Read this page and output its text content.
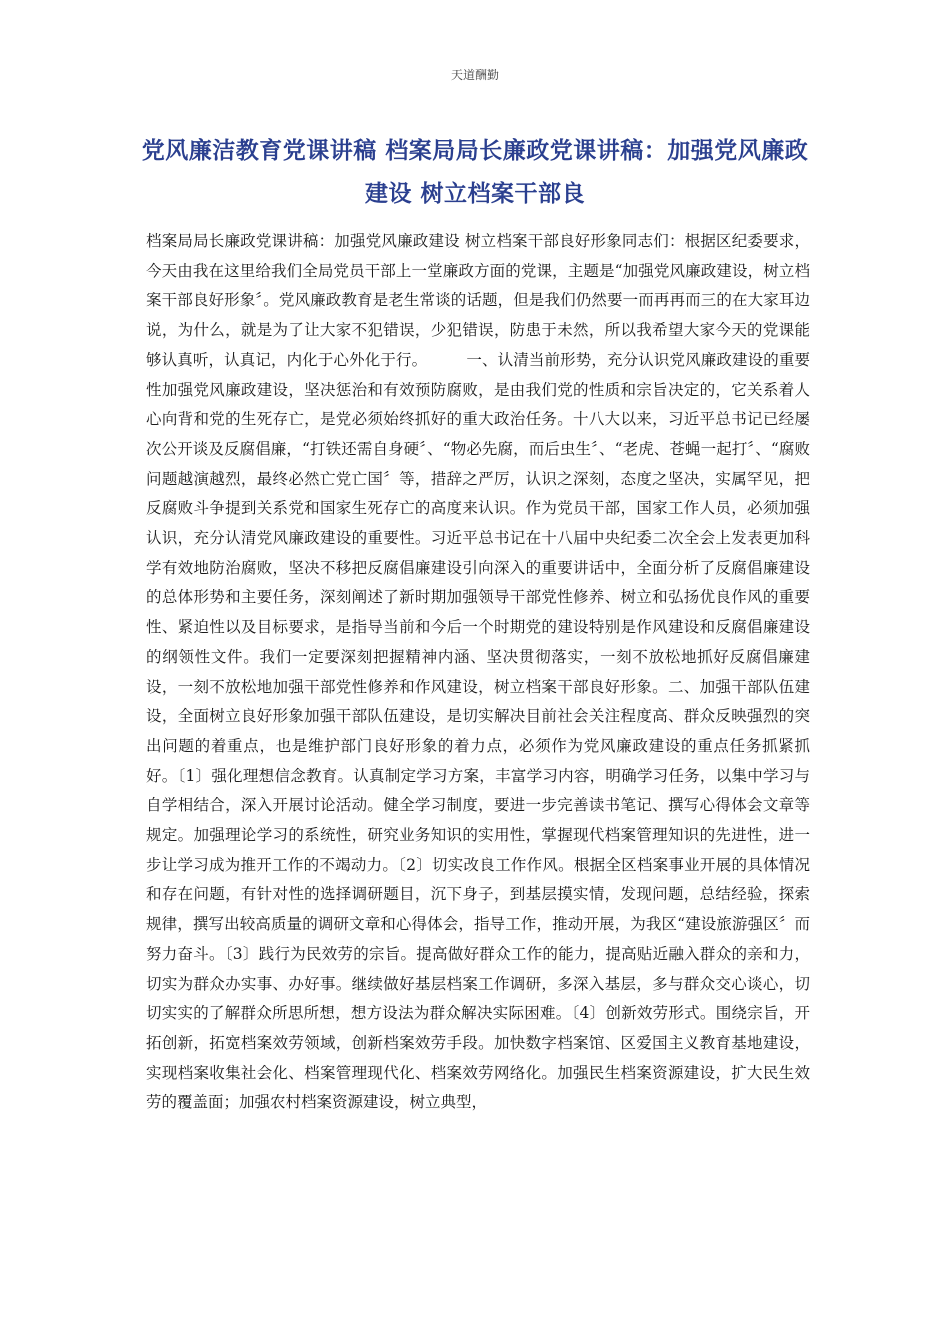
天道酬勤
党风廉洁教育党课讲稿 档案局局长廉政党课讲稿：加强党风廉政建设 树立档案干部良

档案局局长廉政党课讲稿：加强党风廉政建设 树立档案干部良好形象同志们：根据区纪委要求，今天由我在这里给我们全局党员干部上一堂廉政方面的党课，主题是“加强党风廉政建设，树立档案干部良好形象〞。党风廉政教育是老生常谈的话题，但是我们仍然要一而再再而三的在大家耳边说，为什么，就是为了让大家不犯错误，少犯错误，防患于未然，所以我希望大家今天的党课能够认真听，认真记，内化于心外化于行。　　　一、认清当前形势，充分认识党风廉政建设的重要性加强党风廉政建设，坚决惩治和有效预防腐败，是由我们党的性质和宗旨决定的，它关系着人心向背和党的生死存亡，是党必须始终抓好的重大政治任务。十八大以来，习近平总书记已经屡次公开谈及反腐倡廉，“打铁还需自身硬〞、“物必先腐，而后虫生〞、“老虎、苍蝇一起打〞、“腐败问题越演越烈，最终必然亡党亡国〞等，措辞之严厉，认识之深刻，态度之坚决，实属罕见，把反腐败斗争提到关系党和国家生死存亡的高度来认识。作为党员干部，国家工作人员，必须加强认识，充分认清党风廉政建设的重要性。习近平总书记在十八届中央纪委二次全会上发表更加科学有效地防治腐败，坚决不移把反腐倡廉建设引向深入的重要讲话中，全面分析了反腐倡廉建设的总体形势和主要任务，深刻阐述了新时期加强领导干部党性修养、树立和弘扬优良作风的重要性、紧迫性以及目标要求，是指导当前和今后一个时期党的建设特别是作风建设和反腐倡廉建设的纲领性文件。我们一定要深刻把握精神内涵、坚决贯彻落实，一刻不放松地抓好反腐倡廉建设，一刻不放松地加强干部党性修养和作风建设，树立档案干部良好形象。二、加强干部队伍建设，全面树立良好形象加强干部队伍建设，是切实解决目前社会关注程度高、群众反映强烈的突出问题的着重点，也是维护部门良好形象的着力点，必须作为党风廉政建设的重点任务抓紧抓好。〔1〕强化理想信念教育。认真制定学习方案，丰富学习内容，明确学习任务，以集中学习与自学相结合，深入开展讨论活动。健全学习制度，要进一步完善读书笔记、撰写心得体会文章等规定。加强理论学习的系统性，研究业务知识的实用性，掌握现代档案管理知识的先进性，进一步让学习成为推开工作的不竭动力。〔2〕切实改良工作作风。根据全区档案事业开展的具体情况和存在问题，有针对性的选择调研题目，沉下身子，到基层摸实情，发现问题，总结经验，探索规律，撰写出较高质量的调研文章和心得体会，指导工作，推动开展，为我区“建设旅游强区〞而努力奋斗。〔3〕践行为民效劳的宗旨。提高做好群众工作的能力，提高贴近融入群众的亲和力，切实为群众办实事、办好事。继续做好基层档案工作调研，多深入基层，多与群众交心谈心，切切实实的了解群众所思所想，想方设法为群众解决实际困难。〔4〕创新效劳形式。围绕宗旨，开拓创新，拓宽档案效劳领域，创新档案效劳手段。加快数字档案馆、区爱国主义教育基地建设，实现档案收集社会化、档案管理现代化、档案效劳网络化。加强民生档案资源建设，扩大民生效劳的覆盖面；加强农村档案资源建设，树立典型，
